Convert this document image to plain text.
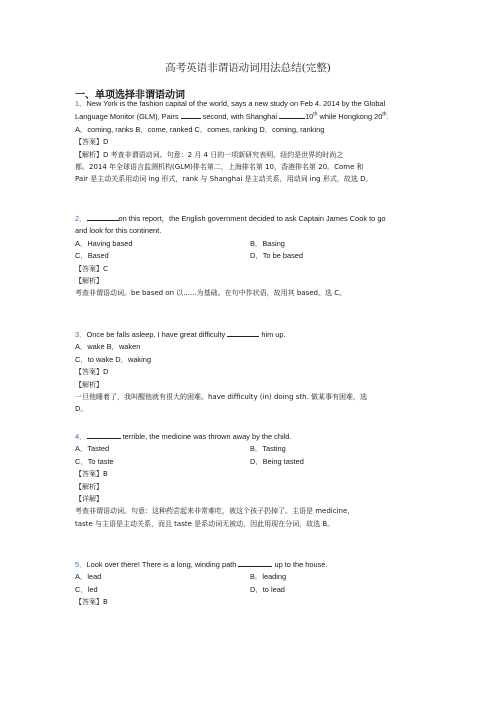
高考英语非谓语动词用法总结(完整)
一、单项选择非谓语动词
1．New York is the fashion capital of the world, says a new study on Feb 4. 2014 by the Global
Language Monitor (GLM), Pairs	second, with Shanghai	10th while Hongkong 20th.
A．coming, ranks B．come, ranked C．comes, ranking D．coming, ranking
【答案】D
【解析】D 考查非谓语动词。句意：2 月 4 日的一项新研究表明，纽约是世界的时尚之
都。2014 年全球语言监测机构(GLM)排名第二，上海排名第 10，香港排名第 20。Come 和
Pair 是主动关系用动词 ing 形式，rank 与 Shanghai 是主动关系，用动词 ing 形式，故选 D。
2．	on this report，the English government decided to ask Captain James Cook to go
and look for this continent.
A．Having based	B．Basing
C．Based	D．To be based
【答案】C
【解析】
考查非谓语动词。be based on 以......为基础。在句中作状语，故用其 based。选 C。
3．Once be falls asleep, I have great difficulty	him up.
A．wake B．waken
C．to wake D．waking
【答案】D
【解析】
一旦他睡着了，我叫醒他就有很大的困难。have difficulty (in) doing sth. 做某事有困难，选
D。
4．	terrible, the medicine was thrown away by the child.
A．Tasted	B．Tasting
C．To taste	D．Being tasted
【答案】B
【解析】
【详解】
考查非谓语动词。句意：这种药尝起来非常难吃，被这个孩子扔掉了。主语是 medicine，
taste 与主语是主动关系，而且 taste 是系动词无被动，因此用现在分词，故选 B。
5．Look over there! There is a long, winding path	up to the house.
A．lead	B．leading
C．led	D．to lead
【答案】B
